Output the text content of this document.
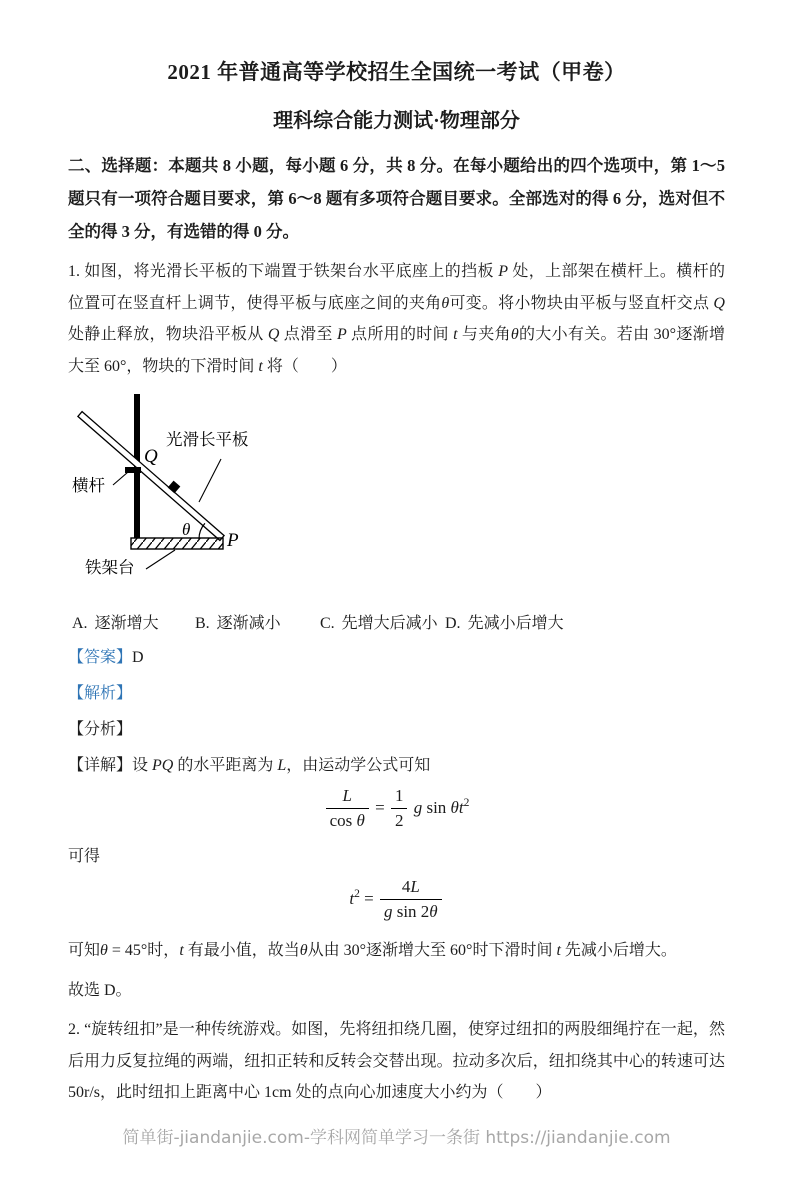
2021 年普通高等学校招生全国统一考试（甲卷）
理科综合能力测试·物理部分
二、选择题：本题共 8 小题，每小题 6 分，共 8 分。在每小题给出的四个选项中，第 1～5 题只有一项符合题目要求，第 6～8 题有多项符合题目要求。全部选对的得 6 分，选对但不全的得 3 分，有选错的得 0 分。
1. 如图，将光滑长平板的下端置于铁架台水平底座上的挡板 P 处，上部架在横杆上。横杆的位置可在竖直杆上调节，使得平板与底座之间的夹角θ可变。将小物块由平板与竖直杆交点 Q 处静止释放，物块沿平板从 Q 点滑至 P 点所用的时间 t 与夹角θ的大小有关。若由 30°逐渐增大至 60°，物块的下滑时间 t 将（　　）
光滑长平板
横杆
铁架台
Q
P
θ
A. 逐渐增大	B. 逐渐减小	C. 先增大后减小 D. 先减小后增大
【答案】D
【解析】
【分析】
【详解】设 PQ 的水平距离为 L，由运动学公式可知
$\frac{L}{\text{cos θ}} = \frac{1}{2}$ g $\sin \theta t^2$
可得
$t^2 = \frac{4L}{\text{g sin 2θ}}$
可知θ = 45°时，t 有最小值，故当θ从由 30°逐渐增大至 60°时下滑时间 t 先减小后增大。
故选 D。
2. “旋转纽扣”是一种传统游戏。如图，先将纽扣绕几圈，使穿过纽扣的两股细绳拧在一起，然后用力反复拉绳的两端，纽扣正转和反转会交替出现。拉动多次后，纽扣绕其中心的转速可达 50r/s，此时纽扣上距离中心 1cm 处的点向心加速度大小约为（　　）
简单街-jiandanjie.com-学科网简单学习一条街 https://jiandanjie.com
